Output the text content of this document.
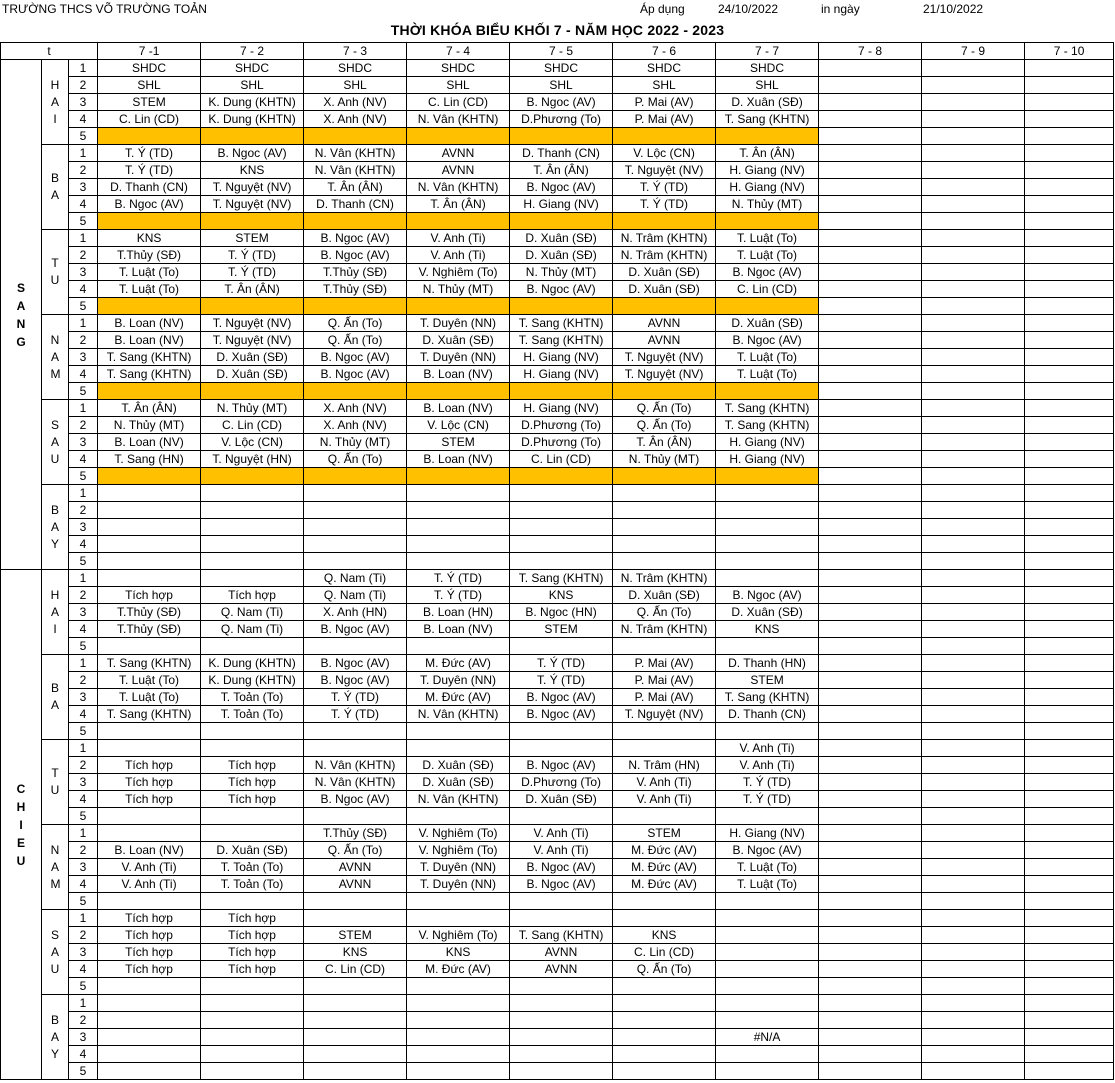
TRƯỜNG THCS VÕ TRƯỜNG TOẢN	Áp dụng	24/10/2022	in ngày	21/10/2022
THỜI KHÓA BIỂU KHỐI 7 - NĂM HỌC 2022 - 2023
t			7 -1	7 - 2	7 - 3	7 - 4	7 - 5	7 - 6	7 - 7	7 - 8	7 - 9	7 - 10
SANG	HAI	1	SHDC	SHDC	SHDC	SHDC	SHDC	SHDC	SHDC			
		2	SHL	SHL	SHL	SHL	SHL	SHL	SHL			
		3	STEM	K. Dung (KHTN)	X. Anh (NV)	C. Lin (CD)	B. Ngoc (AV)	P. Mai (AV)	D. Xuân (SĐ)			
		4	C. Lin (CD)	K. Dung (KHTN)	X. Anh (NV)	N. Vân (KHTN)	D.Phương (To)	P. Mai (AV)	T. Sang (KHTN)			
		5										
	BA	1	T. Ý (TD)	B. Ngoc (AV)	N. Vân (KHTN)	AVNN	D. Thanh (CN)	V. Lộc (CN)	T. Ân (ÂN)			
		2	T. Ý (TD)	KNS	N. Vân (KHTN)	AVNN	T. Ân (ÂN)	T. Nguyệt (NV)	H. Giang (NV)			
		3	D. Thanh (CN)	T. Nguyệt (NV)	T. Ân (ÂN)	N. Vân (KHTN)	B. Ngoc (AV)	T. Ý (TD)	H. Giang (NV)			
		4	B. Ngoc (AV)	T. Nguyệt (NV)	D. Thanh (CN)	T. Ân (ÂN)	H. Giang (NV)	T. Ý (TD)	N. Thủy (MT)			
		5										
	TU	1	KNS	STEM	B. Ngoc (AV)	V. Anh (Ti)	D. Xuân (SĐ)	N. Trâm (KHTN)	T. Luật (To)			
		2	T.Thủy (SĐ)	T. Ý (TD)	B. Ngoc (AV)	V. Anh (Ti)	D. Xuân (SĐ)	N. Trâm (KHTN)	T. Luật (To)			
		3	T. Luật (To)	T. Ý (TD)	T.Thủy (SĐ)	V. Nghiêm (To)	N. Thủy (MT)	D. Xuân (SĐ)	B. Ngoc (AV)			
		4	T. Luật (To)	T. Ân (ÂN)	T.Thủy (SĐ)	N. Thủy (MT)	B. Ngoc (AV)	D. Xuân (SĐ)	C. Lin (CD)			
		5										
	NAM	1	B. Loan (NV)	T. Nguyệt (NV)	Q. Ấn (To)	T. Duyên (NN)	T. Sang (KHTN)	AVNN	D. Xuân (SĐ)			
		2	B. Loan (NV)	T. Nguyệt (NV)	Q. Ấn (To)	D. Xuân (SĐ)	T. Sang (KHTN)	AVNN	B. Ngoc (AV)			
		3	T. Sang (KHTN)	D. Xuân (SĐ)	B. Ngoc (AV)	T. Duyên (NN)	H. Giang (NV)	T. Nguyệt (NV)	T. Luật (To)			
		4	T. Sang (KHTN)	D. Xuân (SĐ)	B. Ngoc (AV)	B. Loan (NV)	H. Giang (NV)	T. Nguyệt (NV)	T. Luật (To)			
		5										
	SAU	1	T. Ân (ÂN)	N. Thủy (MT)	X. Anh (NV)	B. Loan (NV)	H. Giang (NV)	Q. Ấn (To)	T. Sang (KHTN)			
		2	N. Thủy (MT)	C. Lin (CD)	X. Anh (NV)	V. Lộc (CN)	D.Phương (To)	Q. Ấn (To)	T. Sang (KHTN)			
		3	B. Loan (NV)	V. Lộc (CN)	N. Thủy (MT)	STEM	D.Phương (To)	T. Ân (ÂN)	H. Giang (NV)			
		4	T. Sang (HN)	T. Nguyệt (HN)	Q. Ấn (To)	B. Loan (NV)	C. Lin (CD)	N. Thủy (MT)	H. Giang (NV)			
		5										
	BAY	1										
		2										
		3										
		4										
		5										
CHIEU	HAI	1			Q. Nam (Ti)	T. Ý (TD)	T. Sang (KHTN)	N. Trâm (KHTN)				
		2	Tích hợp	Tích hợp	Q. Nam (Ti)	T. Ý (TD)	KNS	D. Xuân (SĐ)	B. Ngoc (AV)			
		3	T.Thủy (SĐ)	Q. Nam (Ti)	X. Anh (HN)	B. Loan (HN)	B. Ngoc (HN)	Q. Ấn (To)	D. Xuân (SĐ)			
		4	T.Thủy (SĐ)	Q. Nam (Ti)	B. Ngoc (AV)	B. Loan (NV)	STEM	N. Trâm (KHTN)	KNS			
		5										
	BA	1	T. Sang (KHTN)	K. Dung (KHTN)	B. Ngoc (AV)	M. Đức (AV)	T. Ý (TD)	P. Mai (AV)	D. Thanh (HN)			
		2	T. Luật (To)	K. Dung (KHTN)	B. Ngoc (AV)	T. Duyên (NN)	T. Ý (TD)	P. Mai (AV)	STEM			
		3	T. Luật (To)	T. Toản (To)	T. Ý (TD)	M. Đức (AV)	B. Ngoc (AV)	P. Mai (AV)	T. Sang (KHTN)			
		4	T. Sang (KHTN)	T. Toản (To)	T. Ý (TD)	N. Vân (KHTN)	B. Ngoc (AV)	T. Nguyệt (NV)	D. Thanh (CN)			
		5										
	TU	1							V. Anh (Ti)			
		2	Tích hợp	Tích hợp	N. Vân (KHTN)	D. Xuân (SĐ)	B. Ngoc (AV)	N. Trâm (HN)	V. Anh (Ti)			
		3	Tích hợp	Tích hợp	N. Vân (KHTN)	D. Xuân (SĐ)	D.Phương (To)	V. Anh (Ti)	T. Ý (TD)			
		4	Tích hợp	Tích hợp	B. Ngoc (AV)	N. Vân (KHTN)	D. Xuân (SĐ)	V. Anh (Ti)	T. Ý (TD)			
		5										
	NAM	1			T.Thủy (SĐ)	V. Nghiêm (To)	V. Anh (Ti)	STEM	H. Giang (NV)			
		2	B. Loan (NV)	D. Xuân (SĐ)	Q. Ấn (To)	V. Nghiêm (To)	V. Anh (Ti)	M. Đức (AV)	B. Ngoc (AV)			
		3	V. Anh (Ti)	T. Toản (To)	AVNN	T. Duyên (NN)	B. Ngoc (AV)	M. Đức (AV)	T. Luật (To)			
		4	V. Anh (Ti)	T. Toản (To)	AVNN	T. Duyên (NN)	B. Ngoc (AV)	M. Đức (AV)	T. Luật (To)			
		5										
	SAU	1	Tích hợp	Tích hợp								
		2	Tích hợp	Tích hợp	STEM	V. Nghiêm (To)	T. Sang (KHTN)	KNS				
		3	Tích hợp	Tích hợp	KNS	KNS	AVNN	C. Lin (CD)				
		4	Tích hợp	Tích hợp	C. Lin (CD)	M. Đức (AV)	AVNN	Q. Ấn (To)				
		5										
	BAY	1										
		2										
		3							#N/A			
		4										
		5										
